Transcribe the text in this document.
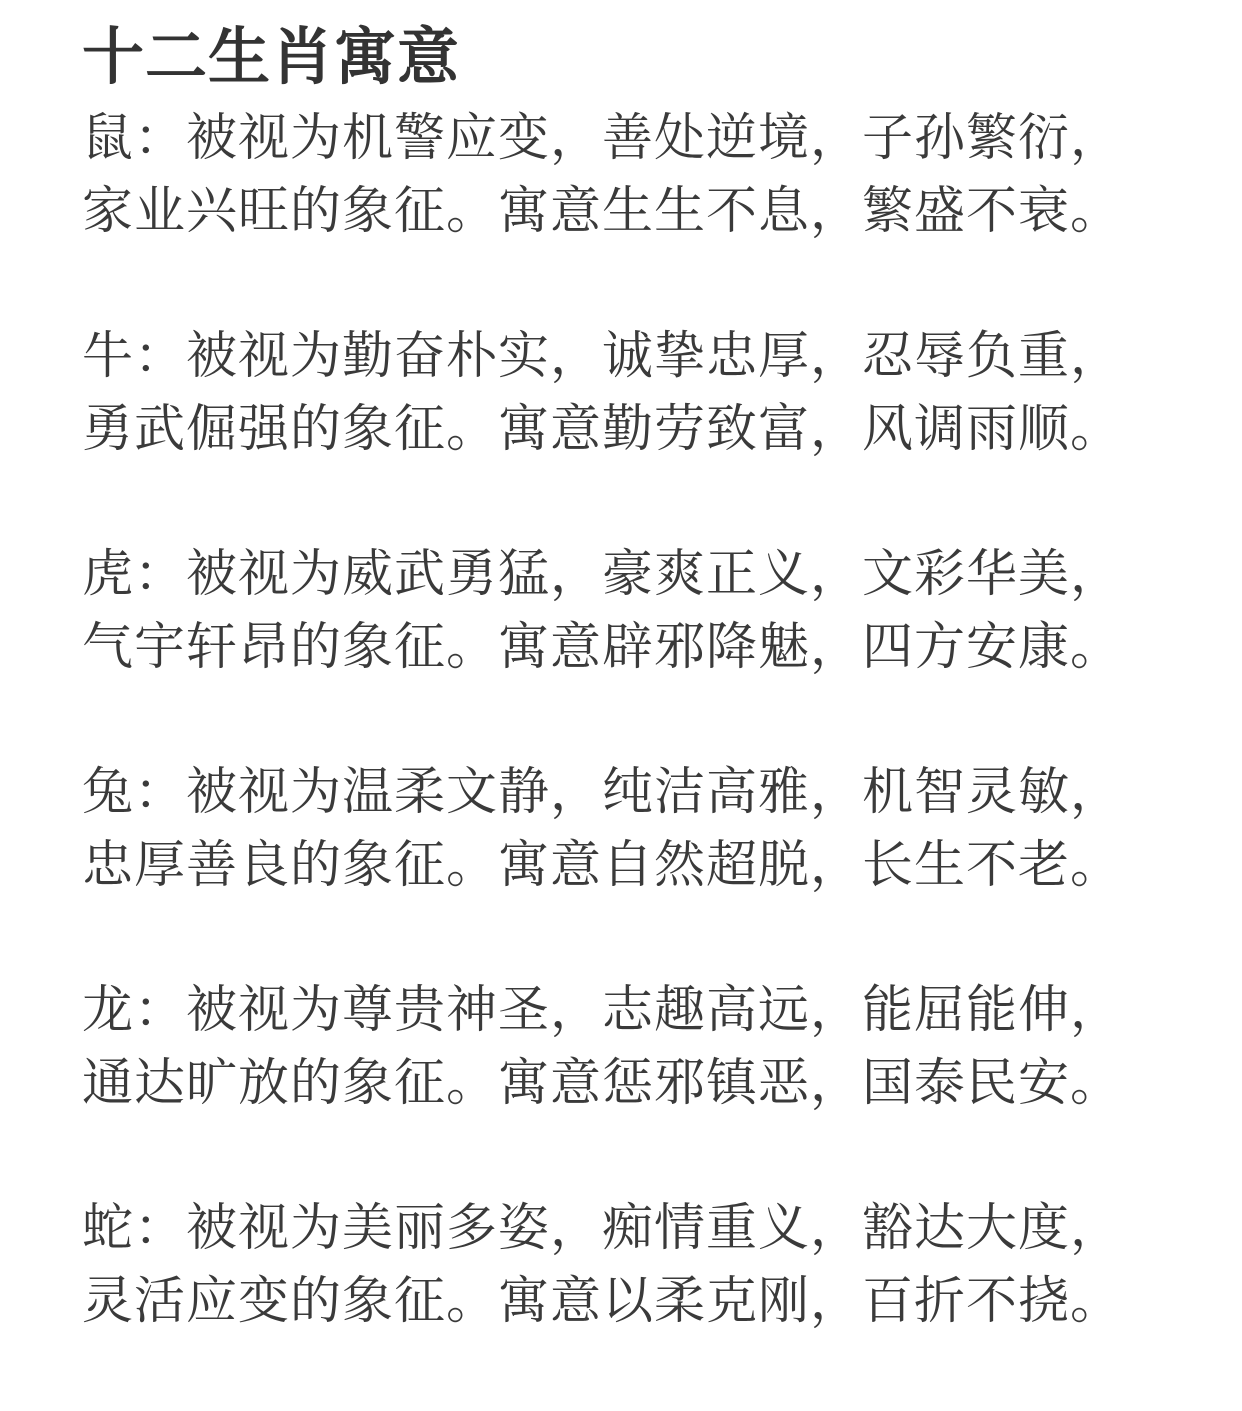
十二生肖寓意
鼠：被视为机警应变，善处逆境，子孙繁衍，
家业兴旺的象征。寓意生生不息，繁盛不衰。
牛：被视为勤奋朴实，诚挚忠厚，忍辱负重，
勇武倔强的象征。寓意勤劳致富，风调雨顺。
虎：被视为威武勇猛，豪爽正义，文彩华美，
气宇轩昂的象征。寓意辟邪降魅，四方安康。
兔：被视为温柔文静，纯洁高雅，机智灵敏，
忠厚善良的象征。寓意自然超脱，长生不老。
龙：被视为尊贵神圣，志趣高远，能屈能伸，
通达旷放的象征。寓意惩邪镇恶，国泰民安。
蛇：被视为美丽多姿，痴情重义，豁达大度，
灵活应变的象征。寓意以柔克刚，百折不挠。
